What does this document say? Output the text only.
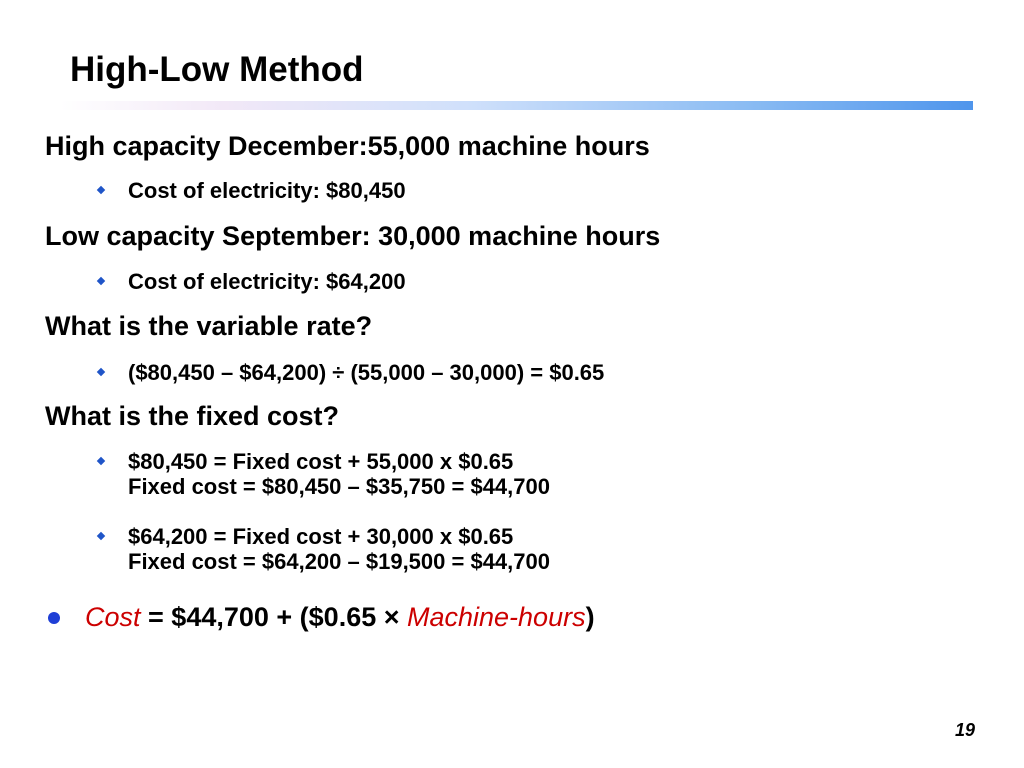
High-Low Method
High capacity December:55,000 machine hours
Cost of electricity: $80,450
Low capacity September: 30,000 machine hours
Cost of electricity: $64,200
What is the variable rate?
($80,450 – $64,200) ÷ (55,000 – 30,000) = $0.65
What is the fixed cost?
$80,450 = Fixed cost + 55,000 x $0.65
Fixed cost = $80,450 – $35,750 = $44,700
$64,200 = Fixed cost + 30,000 x $0.65
Fixed cost = $64,200 – $19,500 = $44,700
Cost = $44,700 + ($0.65 × Machine-hours)
19
